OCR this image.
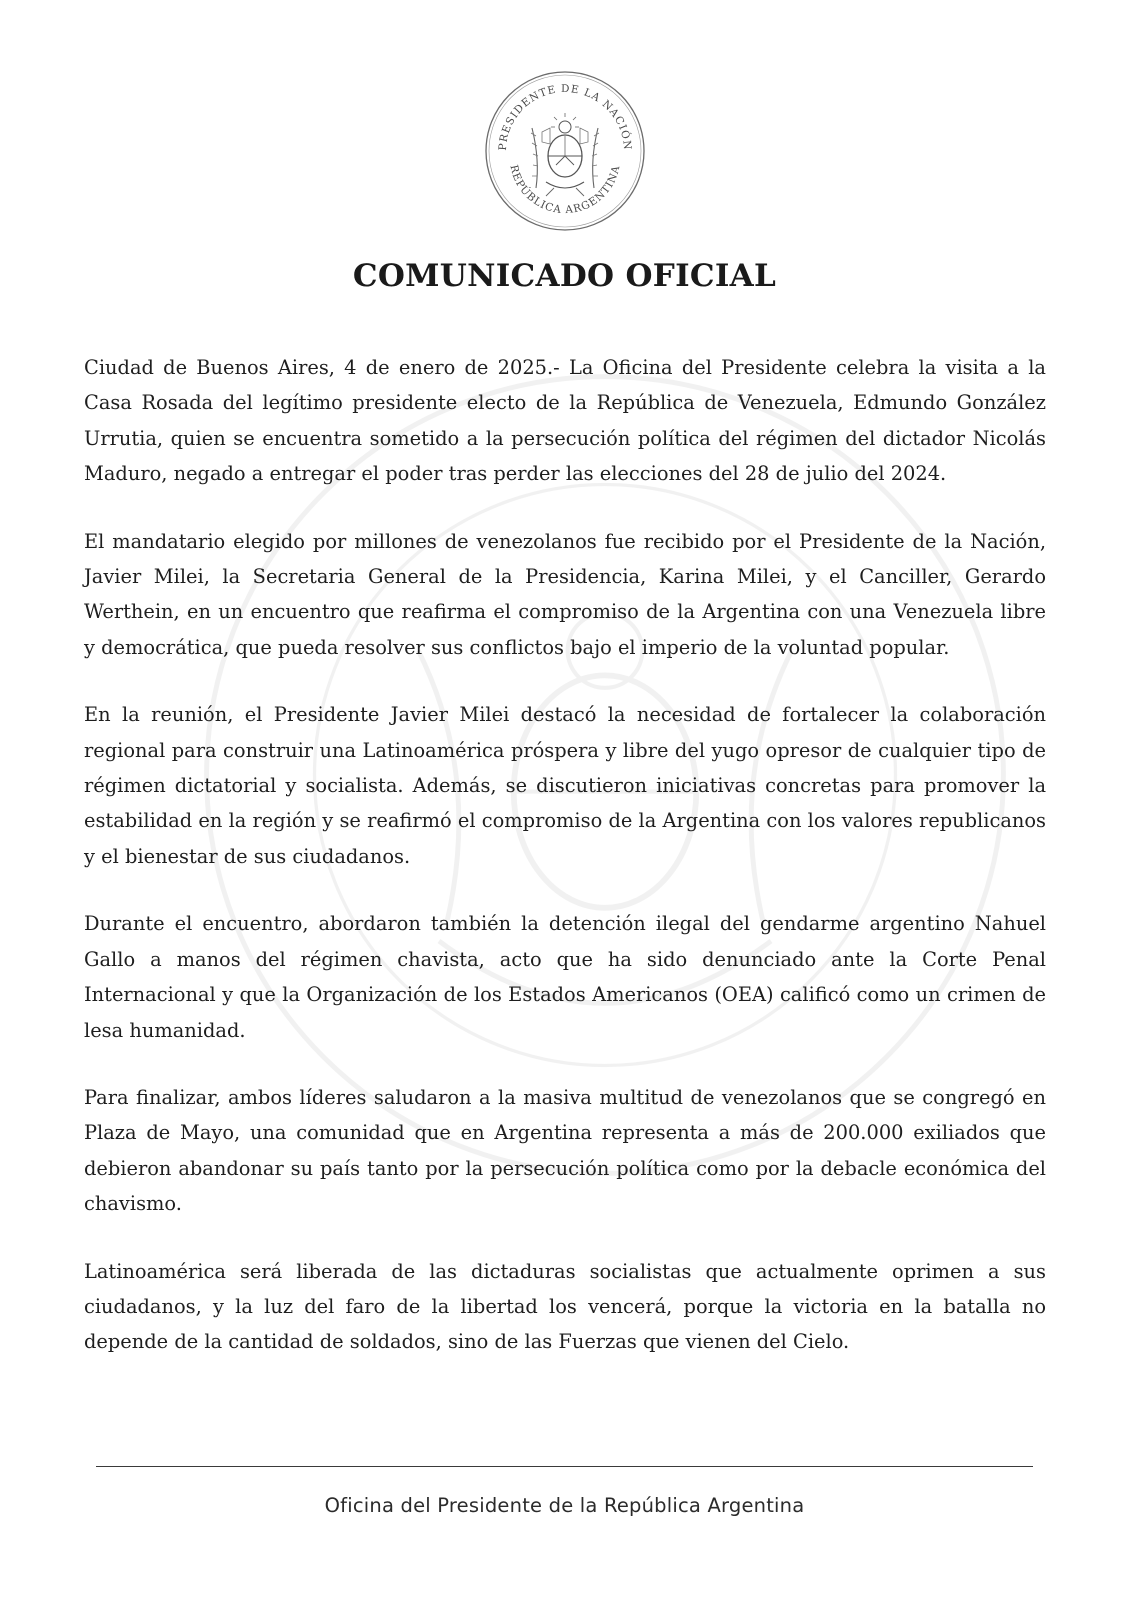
PRESIDENTE DE LA NACIÓN
REPÚBLICA ARGENTINA
COMUNICADO OFICIAL

Ciudad de Buenos Aires, 4 de enero de 2025.- La Oficina del Presidente celebra la visita a la Casa Rosada del legítimo presidente electo de la República de Venezuela, Edmundo González Urrutia, quien se encuentra sometido a la persecución política del régimen del dictador Nicolás Maduro, negado a entregar el poder tras perder las elecciones del 28 de julio del 2024.

El mandatario elegido por millones de venezolanos fue recibido por el Presidente de la Nación, Javier Milei, la Secretaria General de la Presidencia, Karina Milei, y el Canciller, Gerardo Werthein, en un encuentro que reafirma el compromiso de la Argentina con una Venezuela libre y democrática, que pueda resolver sus conflictos bajo el imperio de la voluntad popular.

En la reunión, el Presidente Javier Milei destacó la necesidad de fortalecer la colaboración regional para construir una Latinoamérica próspera y libre del yugo opresor de cualquier tipo de régimen dictatorial y socialista. Además, se discutieron iniciativas concretas para promover la estabilidad en la región y se reafirmó el compromiso de la Argentina con los valores republicanos y el bienestar de sus ciudadanos.

Durante el encuentro, abordaron también la detención ilegal del gendarme argentino Nahuel Gallo a manos del régimen chavista, acto que ha sido denunciado ante la Corte Penal Internacional y que la Organización de los Estados Americanos (OEA) calificó como un crimen de lesa humanidad.

Para finalizar, ambos líderes saludaron a la masiva multitud de venezolanos que se congregó en Plaza de Mayo, una comunidad que en Argentina representa a más de 200.000 exiliados que debieron abandonar su país tanto por la persecución política como por la debacle económica del chavismo.

Latinoamérica será liberada de las dictaduras socialistas que actualmente oprimen a sus ciudadanos, y la luz del faro de la libertad los vencerá, porque la victoria en la batalla no depende de la cantidad de soldados, sino de las Fuerzas que vienen del Cielo.

Oficina del Presidente de la República Argentina
